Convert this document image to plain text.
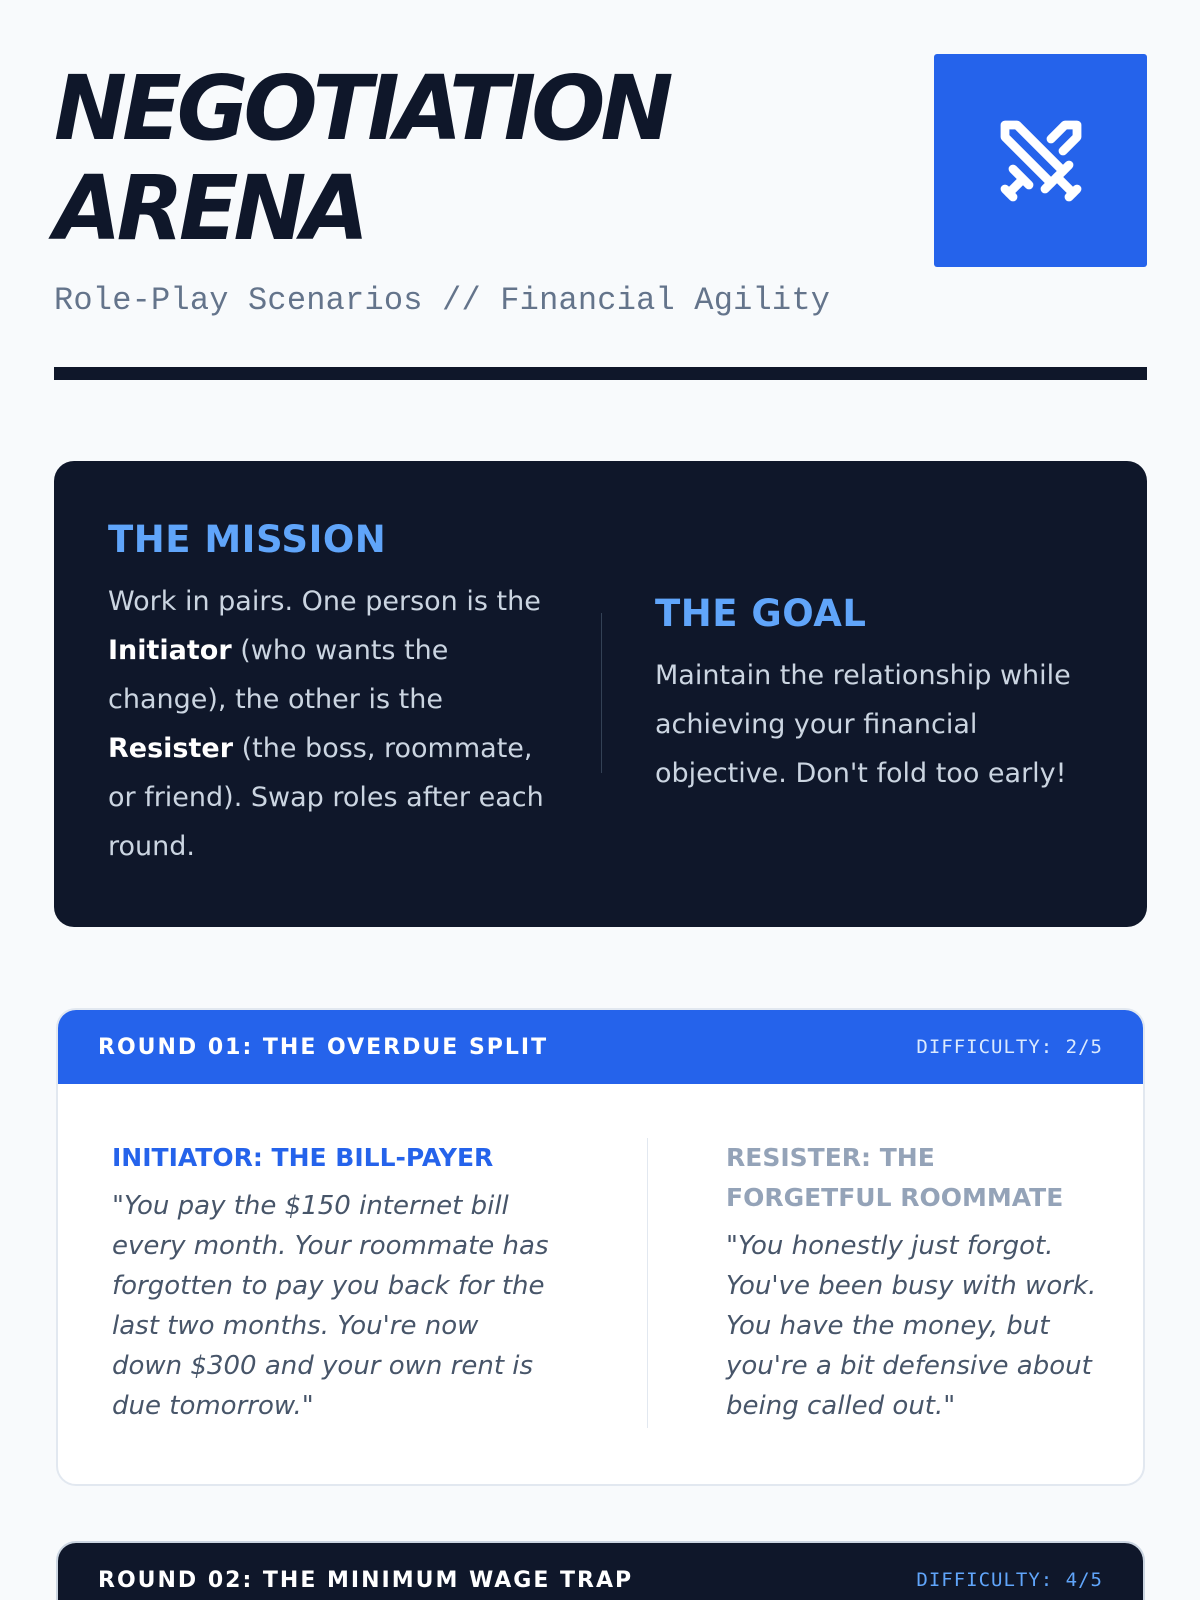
NEGOTIATION
ARENA
Role-Play Scenarios // Financial Agility
THE MISSION

Work in pairs. One person is the Initiator (who wants the change), the other is the Resister (the boss, roommate, or friend). Swap roles after each round.

THE GOAL

Maintain the relationship while achieving your financial objective. Don't fold too early!

ROUND 01: THE OVERDUE SPLIT	DIFFICULTY: 2/5
INITIATOR: THE BILL-PAYER

"You pay the $150 internet bill every month. Your roommate has forgotten to pay you back for the last two months. You're now down $300 and your own rent is due tomorrow."

RESISTER: THE FORGETFUL ROOMMATE

"You honestly just forgot. You've been busy with work. You have the money, but you're a bit defensive about being called out."

ROUND 02: THE MINIMUM WAGE TRAP	DIFFICULTY: 4/5
